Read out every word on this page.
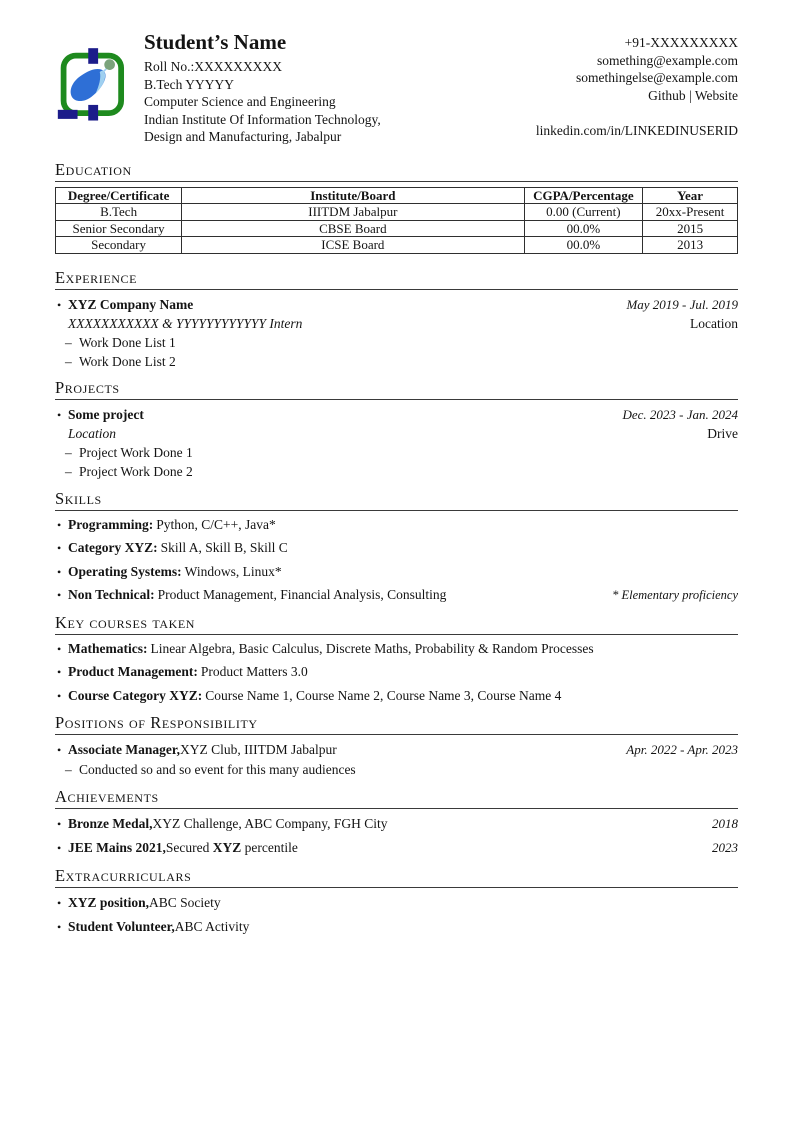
Student’s Name
Roll No.:XXXXXXXXX
B.Tech YYYYY
Computer Science and Engineering
Indian Institute Of Information Technology,
Design and Manufacturing, Jabalpur
+91-XXXXXXXXX
something@example.com
somethingelse@example.com
Github | Website
linkedin.com/in/LINKEDINUSERID
Education
Degree/Certificate	Institute/Board	CGPA/Percentage	Year
B.Tech	IIITDM Jabalpur	0.00 (Current)	20xx-Present
Senior Secondary	CBSE Board	00.0%	2015
Secondary	ICSE Board	00.0%	2013
Experience
• XYZ Company Name	May 2019 - Jul. 2019
XXXXXXXXXXX & YYYYYYYYYYYY Intern	Location
– Work Done List 1
– Work Done List 2
Projects
• Some project	Dec. 2023 - Jan. 2024
Location	Drive
– Project Work Done 1
– Project Work Done 2
Skills
• Programming: Python, C/C++, Java*
• Category XYZ: Skill A, Skill B, Skill C
• Operating Systems: Windows, Linux*
• Non Technical: Product Management, Financial Analysis, Consulting	* Elementary proficiency
Key courses taken
• Mathematics: Linear Algebra, Basic Calculus, Discrete Maths, Probability & Random Processes
• Product Management: Product Matters 3.0
• Course Category XYZ: Course Name 1, Course Name 2, Course Name 3, Course Name 4
Positions of Responsibility
• Associate Manager,XYZ Club, IIITDM Jabalpur	Apr. 2022 - Apr. 2023
– Conducted so and so event for this many audiences
Achievements
• Bronze Medal,XYZ Challenge, ABC Company, FGH City	2018
• JEE Mains 2021,Secured XYZ percentile	2023
Extracurriculars
• XYZ position,ABC Society
• Student Volunteer,ABC Activity
